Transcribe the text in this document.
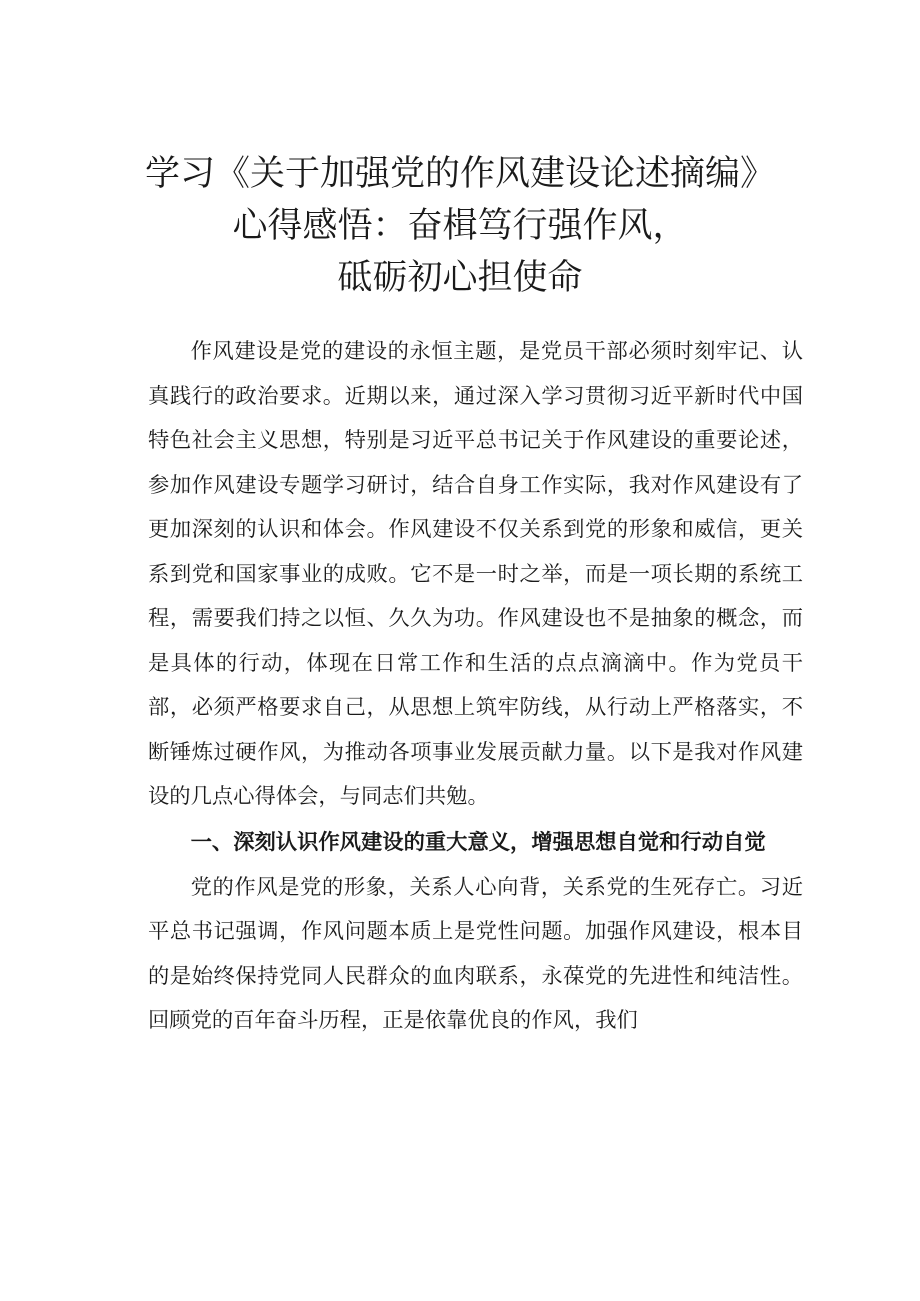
学习《关于加强党的作风建设论述摘编》
心得感悟：奋楫笃行强作风，
砥砺初心担使命

作风建设是党的建设的永恒主题，是党员干部必须时刻牢记、认真践行的政治要求。近期以来，通过深入学习贯彻习近平新时代中国特色社会主义思想，特别是习近平总书记关于作风建设的重要论述，参加作风建设专题学习研讨，结合自身工作实际，我对作风建设有了更加深刻的认识和体会。作风建设不仅关系到党的形象和威信，更关系到党和国家事业的成败。它不是一时之举，而是一项长期的系统工程，需要我们持之以恒、久久为功。作风建设也不是抽象的概念，而是具体的行动，体现在日常工作和生活的点点滴滴中。作为党员干部，必须严格要求自己，从思想上筑牢防线，从行动上严格落实，不断锤炼过硬作风，为推动各项事业发展贡献力量。以下是我对作风建设的几点心得体会，与同志们共勉。

一、深刻认识作风建设的重大意义，增强思想自觉和行动自觉

党的作风是党的形象，关系人心向背，关系党的生死存亡。习近平总书记强调，作风问题本质上是党性问题。加强作风建设，根本目的是始终保持党同人民群众的血肉联系，永葆党的先进性和纯洁性。回顾党的百年奋斗历程，正是依靠优良的作风，我们
